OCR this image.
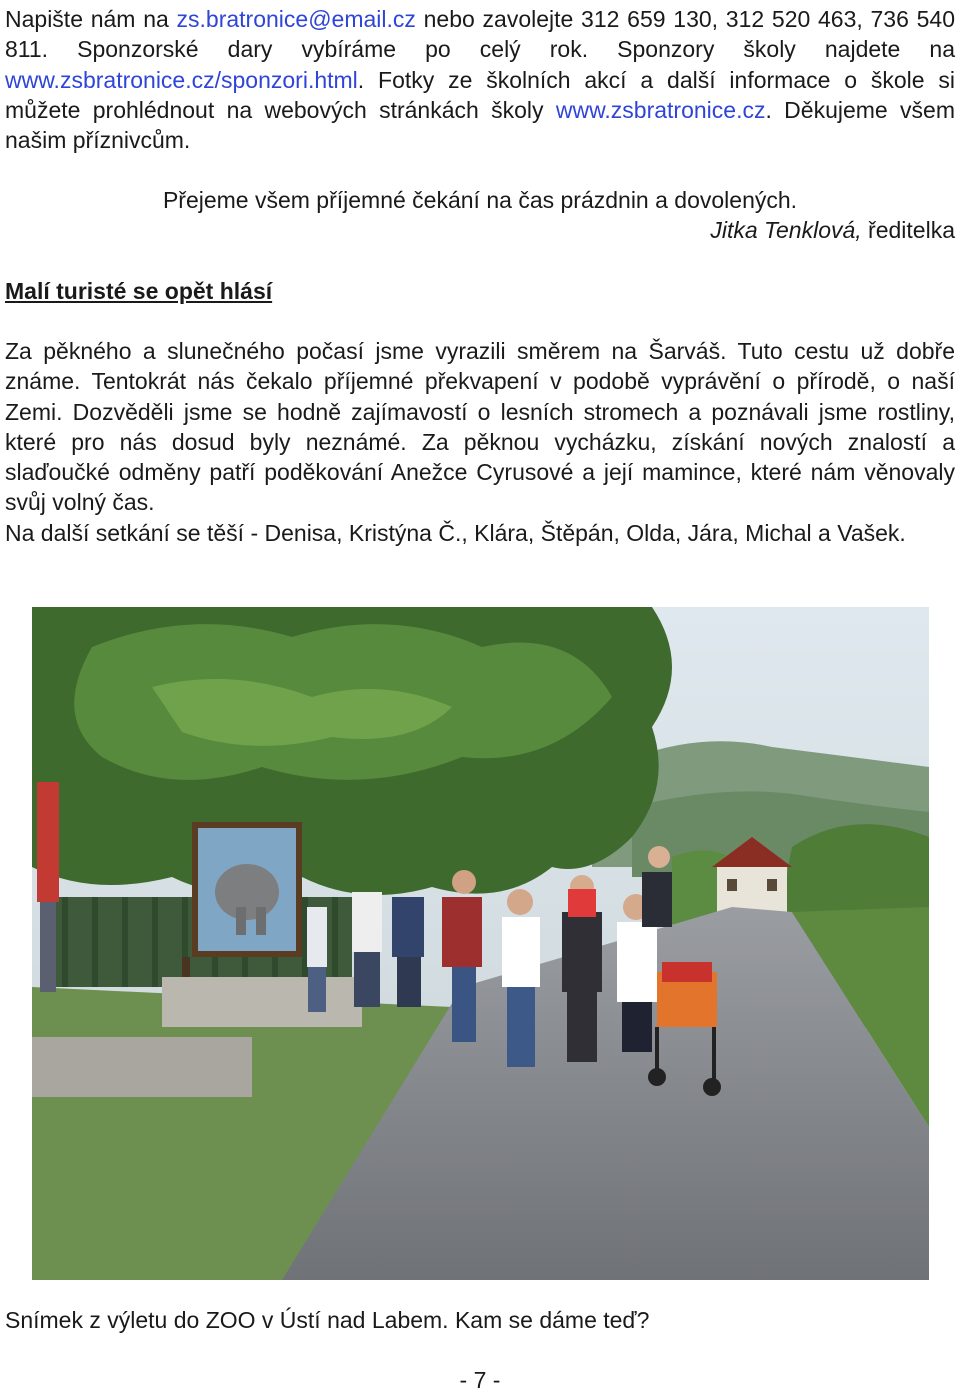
Napište nám na zs.bratronice@email.cz nebo zavolejte 312 659 130, 312 520 463, 736 540 811. Sponzorské dary vybíráme po celý rok. Sponzory školy najdete na www.zsbratronice.cz/sponzori.html. Fotky ze školních akcí a další informace o škole si můžete prohlédnout na webových stránkách školy www.zsbratronice.cz. Děkujeme všem našim příznivcům.

Přejeme všem příjemné čekání na čas prázdnin a dovolených.
Jitka Tenklová, ředitelka
Malí turisté se opět hlásí

Za pěkného a slunečného počasí jsme vyrazili směrem na Šarváš. Tuto cestu už dobře známe. Tentokrát nás čekalo příjemné překvapení v podobě vyprávění o přírodě, o naší Zemi. Dozvěděli jsme se hodně zajímavostí o lesních stromech a poznávali jsme rostliny, které pro nás dosud byly neznámé. Za pěknou vycházku, získání nových znalostí a slaďoučké odměny patří poděkování Anežce Cyrusové a její mamince, které nám věnovaly svůj volný čas.
Na další setkání se těší - Denisa, Kristýna Č., Klára, Štěpán, Olda, Jára, Michal a Vašek.

Snímek z výletu do ZOO v Ústí nad Labem. Kam se dáme teď?
- 7 -
